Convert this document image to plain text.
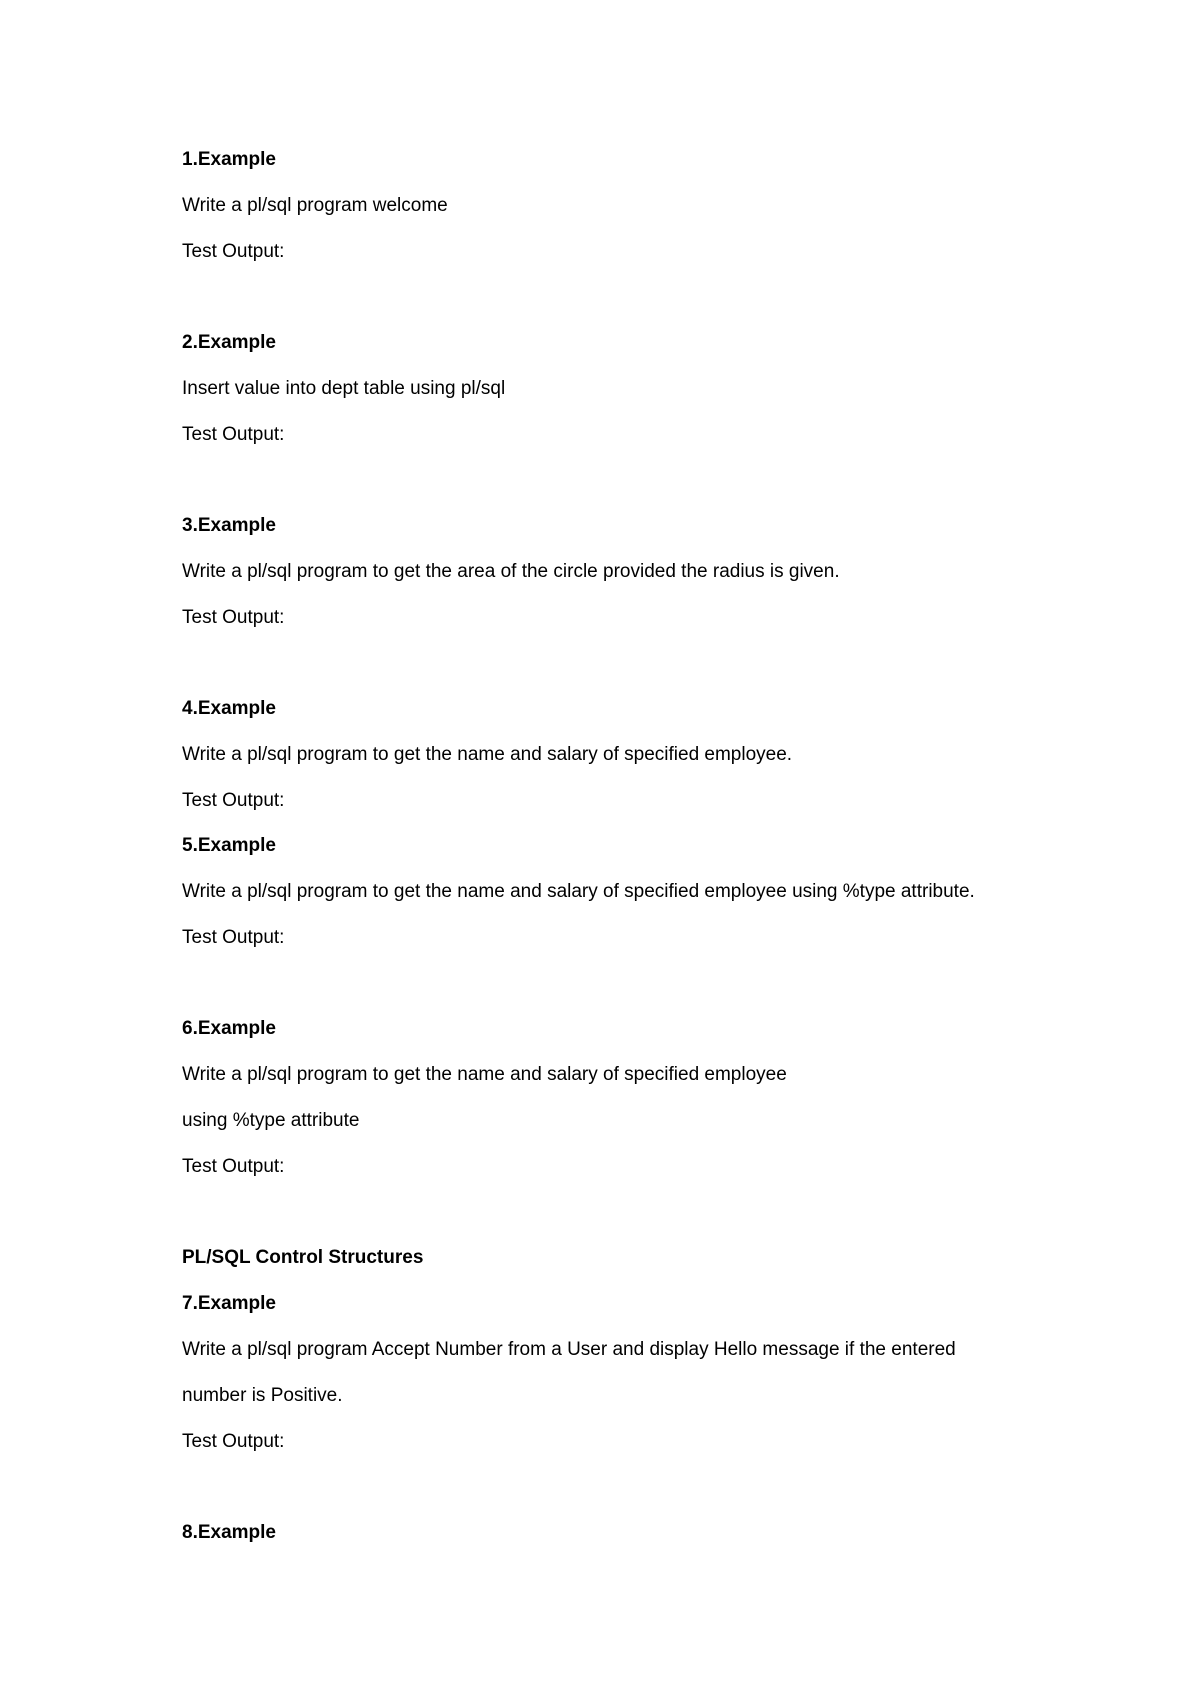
1.Example

Write a pl/sql program welcome

Test Output:

2.Example

Insert value into dept table using pl/sql

Test Output:

3.Example

Write a pl/sql program to get the area of the circle provided the radius is given.

Test Output:

4.Example

Write a pl/sql program to get the name and salary of specified employee.

Test Output:

5.Example

Write a pl/sql program to get the name and salary of specified employee using %type attribute.

Test Output:

6.Example

Write a pl/sql program to get the name and salary of specified employee

using %type attribute

Test Output:

PL/SQL Control Structures

7.Example

Write a pl/sql program Accept Number from a User and display Hello message if the entered

number is Positive.

Test Output:

8.Example
